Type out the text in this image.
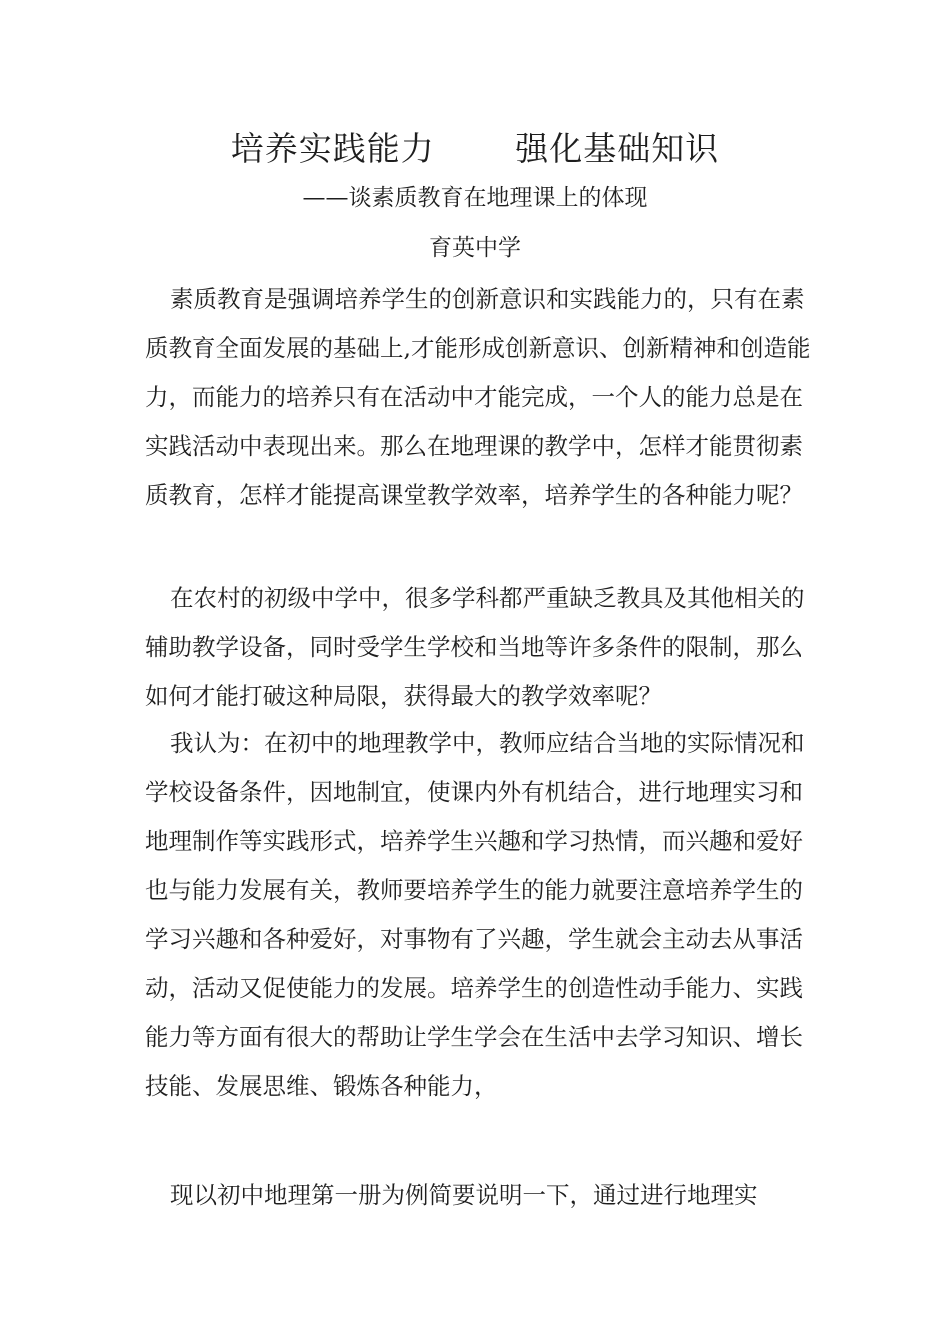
培养实践能力       强化基础知识
——谈素质教育在地理课上的体现
育英中学

素质教育是强调培养学生的创新意识和实践能力的，只有在素质教育全面发展的基础上,才能形成创新意识、创新精神和创造能力，而能力的培养只有在活动中才能完成，一个人的能力总是在实践活动中表现出来。那么在地理课的教学中，怎样才能贯彻素质教育，怎样才能提高课堂教学效率，培养学生的各种能力呢？

在农村的初级中学中，很多学科都严重缺乏教具及其他相关的辅助教学设备，同时受学生学校和当地等许多条件的限制，那么如何才能打破这种局限，获得最大的教学效率呢？

我认为：在初中的地理教学中，教师应结合当地的实际情况和学校设备条件，因地制宜，使课内外有机结合，进行地理实习和地理制作等实践形式，培养学生兴趣和学习热情，而兴趣和爱好也与能力发展有关，教师要培养学生的能力就要注意培养学生的学习兴趣和各种爱好，对事物有了兴趣，学生就会主动去从事活动，活动又促使能力的发展。培养学生的创造性动手能力、实践能力等方面有很大的帮助让学生学会在生活中去学习知识、增长技能、发展思维、锻炼各种能力，

现以初中地理第一册为例简要说明一下，通过进行地理实
